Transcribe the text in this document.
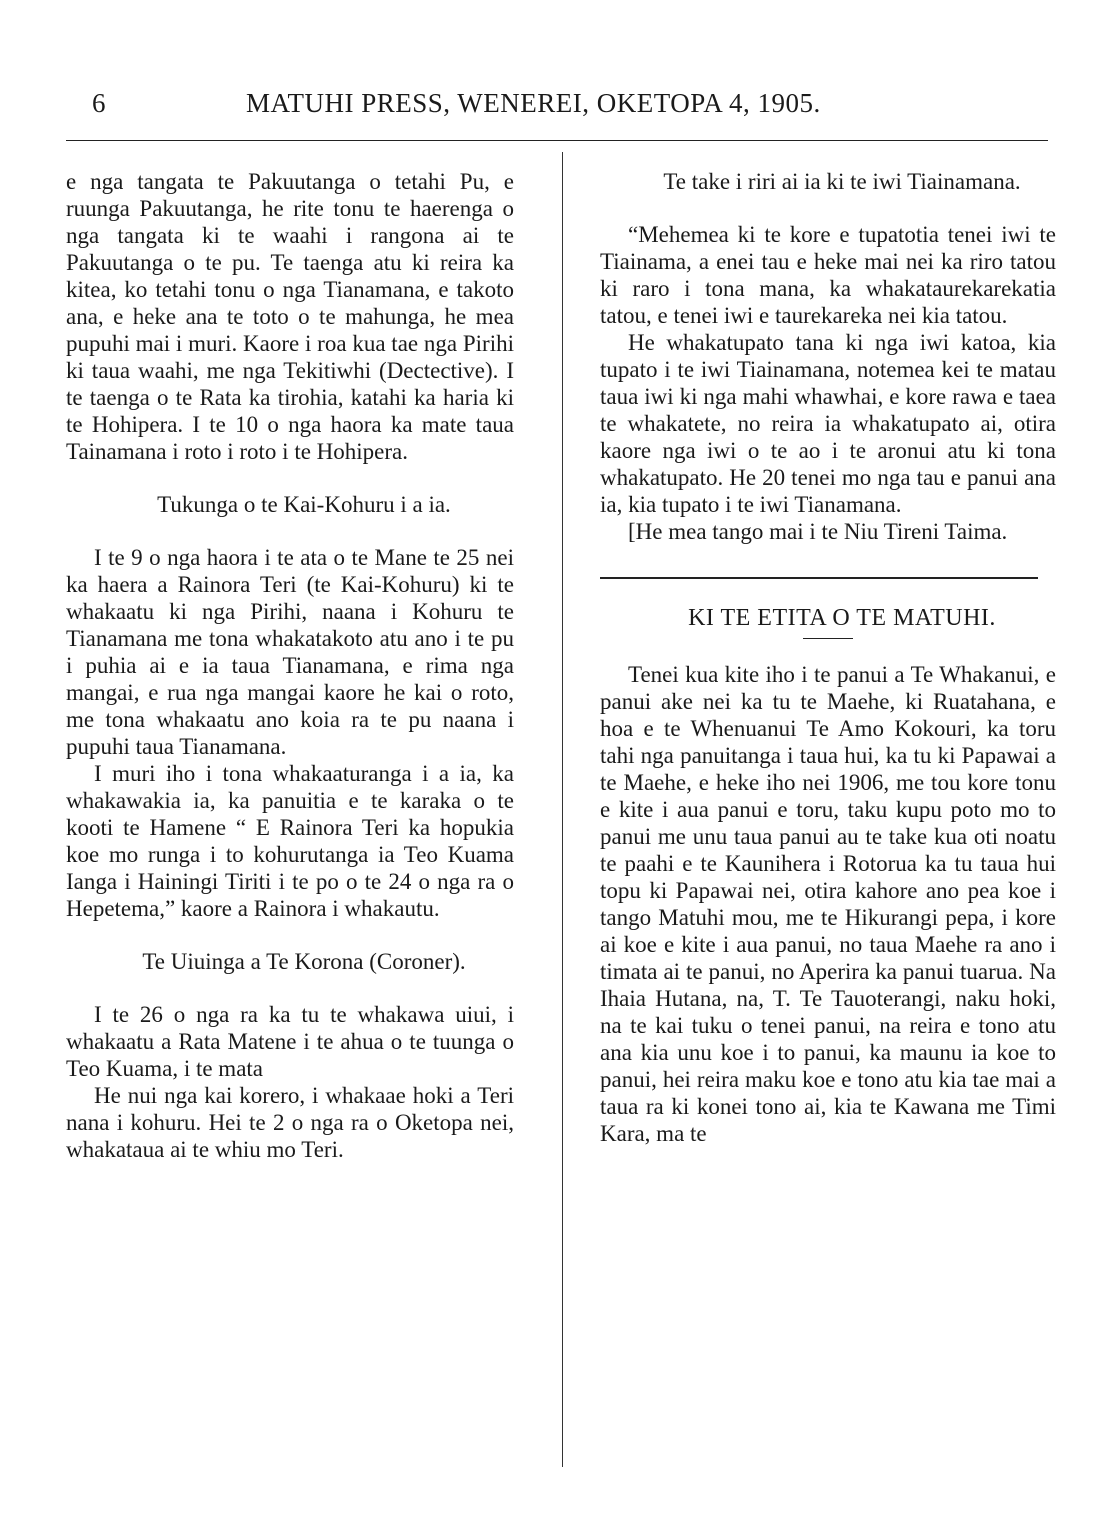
6	MATUHI PRESS, WENEREI, OKETOPA 4, 1905.

e nga tangata te Pakuutanga o tetahi Pu, e ruunga Pakuutanga, he rite tonu te haerenga o nga tangata ki te waahi i rangona ai te Pakuutanga o te pu. Te taenga atu ki reira ka kitea, ko tetahi tonu o nga Tianamana, e takoto ana, e heke ana te toto o te mahunga, he mea pupuhi mai i muri. Kaore i roa kua tae nga Pirihi ki taua waahi, me nga Tekitiwhi (Dectective). I te taenga o te Rata ka tirohia, katahi ka haria ki te Hohipera. I te 10 o nga haora ka mate taua Tainamana i roto i roto i te Hohipera.

Tukunga o te Kai-Kohuru i a ia.

I te 9 o nga haora i te ata o te Mane te 25 nei ka haera a Rainora Teri (te Kai-Kohuru) ki te whakaatu ki nga Pirihi, naana i Kohuru te Tianamana me tona whakatakoto atu ano i te pu i puhia ai e ia taua Tianamana, e rima nga mangai, e rua nga mangai kaore he kai o roto, me tona whakaatu ano koia ra te pu naana i pupuhi taua Tianamana.

I muri iho i tona whakaaturanga i a ia, ka whakawakia ia, ka panuitia e te karaka o te kooti te Hamene “ E Rainora Teri ka hopukia koe mo runga i to kohurutanga ia Teo Kuama Ianga i Hainingi Tiriti i te po o te 24 o nga ra o Hepetema,” kaore a Rainora i whakautu.

Te Uiuinga a Te Korona (Coroner).

I te 26 o nga ra ka tu te whakawa uiui, i whakaatu a Rata Matene i te ahua o te tuunga o Teo Kuama, i te mata

He nui nga kai korero, i whakaae hoki a Teri nana i kohuru. Hei te 2 o nga ra o Oketopa nei, whakataua ai te whiu mo Teri.

Te take i riri ai ia ki te iwi Tiainamana.

“Mehemea ki te kore e tupatotia tenei iwi te Tiainama, a enei tau e heke mai nei ka riro tatou ki raro i tona mana, ka whakataurekarekatia tatou, e tenei iwi e taurekareka nei kia tatou.

He whakatupato tana ki nga iwi katoa, kia tupato i te iwi Tiainamana, notemea kei te matau taua iwi ki nga mahi whawhai, e kore rawa e taea te whakatete, no reira ia whakatupato ai, otira kaore nga iwi o te ao i te aronui atu ki tona whakatupato. He 20 tenei mo nga tau e panui ana ia, kia tupato i te iwi Tianamana.

[He mea tango mai i te Niu Tireni Taima.

KI TE ETITA O TE MATUHI.

Tenei kua kite iho i te panui a Te Whakanui, e panui ake nei ka tu te Maehe, ki Ruatahana, e hoa e te Whenuanui Te Amo Kokouri, ka toru tahi nga panuitanga i taua hui, ka tu ki Papawai a te Maehe, e heke iho nei 1906, me tou kore tonu e kite i aua panui e toru, taku kupu poto mo to panui me unu taua panui au te take kua oti noatu te paahi e te Kaunihera i Rotorua ka tu taua hui topu ki Papawai nei, otira kahore ano pea koe i tango Matuhi mou, me te Hikurangi pepa, i kore ai koe e kite i aua panui, no taua Maehe ra ano i timata ai te panui, no Aperira ka panui tuarua. Na Ihaia Hutana, na, T. Te Tauoterangi, naku hoki, na te kai tuku o tenei panui, na reira e tono atu ana kia unu koe i to panui, ka maunu ia koe to panui, hei reira maku koe e tono atu kia tae mai a taua ra ki konei tono ai, kia te Kawana me Timi Kara, ma te
